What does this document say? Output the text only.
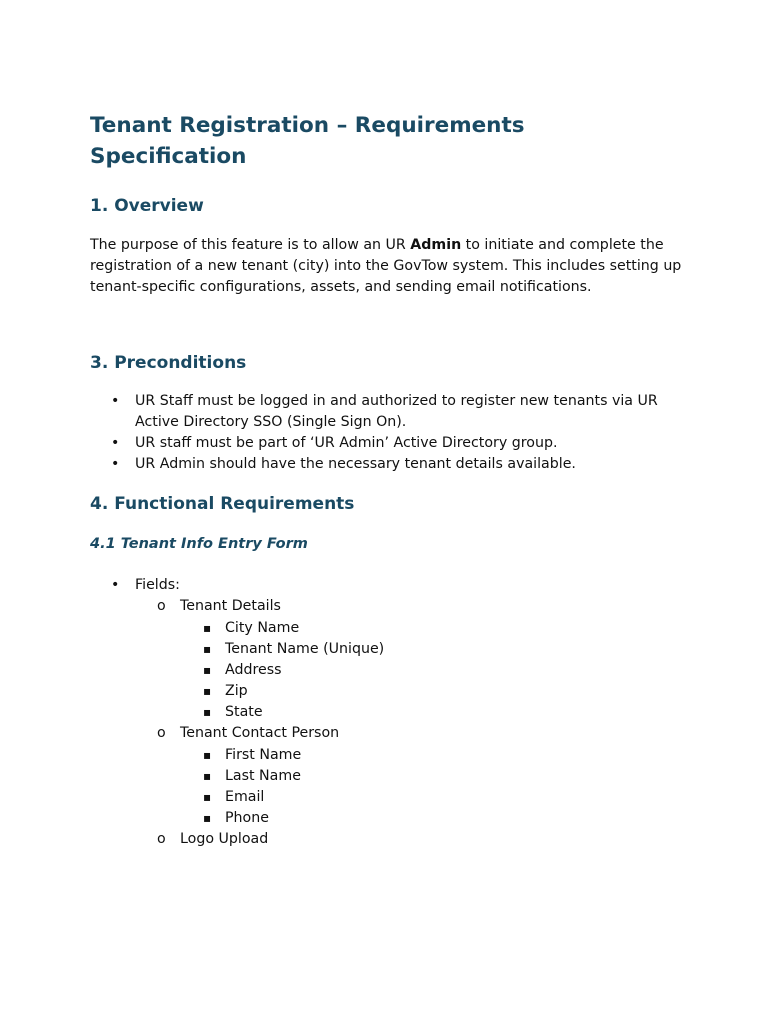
Tenant Registration – Requirements
Specification
1. Overview

The purpose of this feature is to allow an UR Admin to initiate and complete the registration of a new tenant (city) into the GovTow system. This includes setting up tenant-specific configurations, assets, and sending email notifications.

3. Preconditions
• UR Staff must be logged in and authorized to register new tenants via UR Active Directory SSO (Single Sign On).
• UR staff must be part of ‘UR Admin’ Active Directory group.
• UR Admin should have the necessary tenant details available.
4. Functional Requirements
4.1 Tenant Info Entry Form
• Fields:
o Tenant Details
▪ City Name
▪ Tenant Name (Unique)
▪ Address
▪ Zip
▪ State
o Tenant Contact Person
▪ First Name
▪ Last Name
▪ Email
▪ Phone
o Logo Upload
